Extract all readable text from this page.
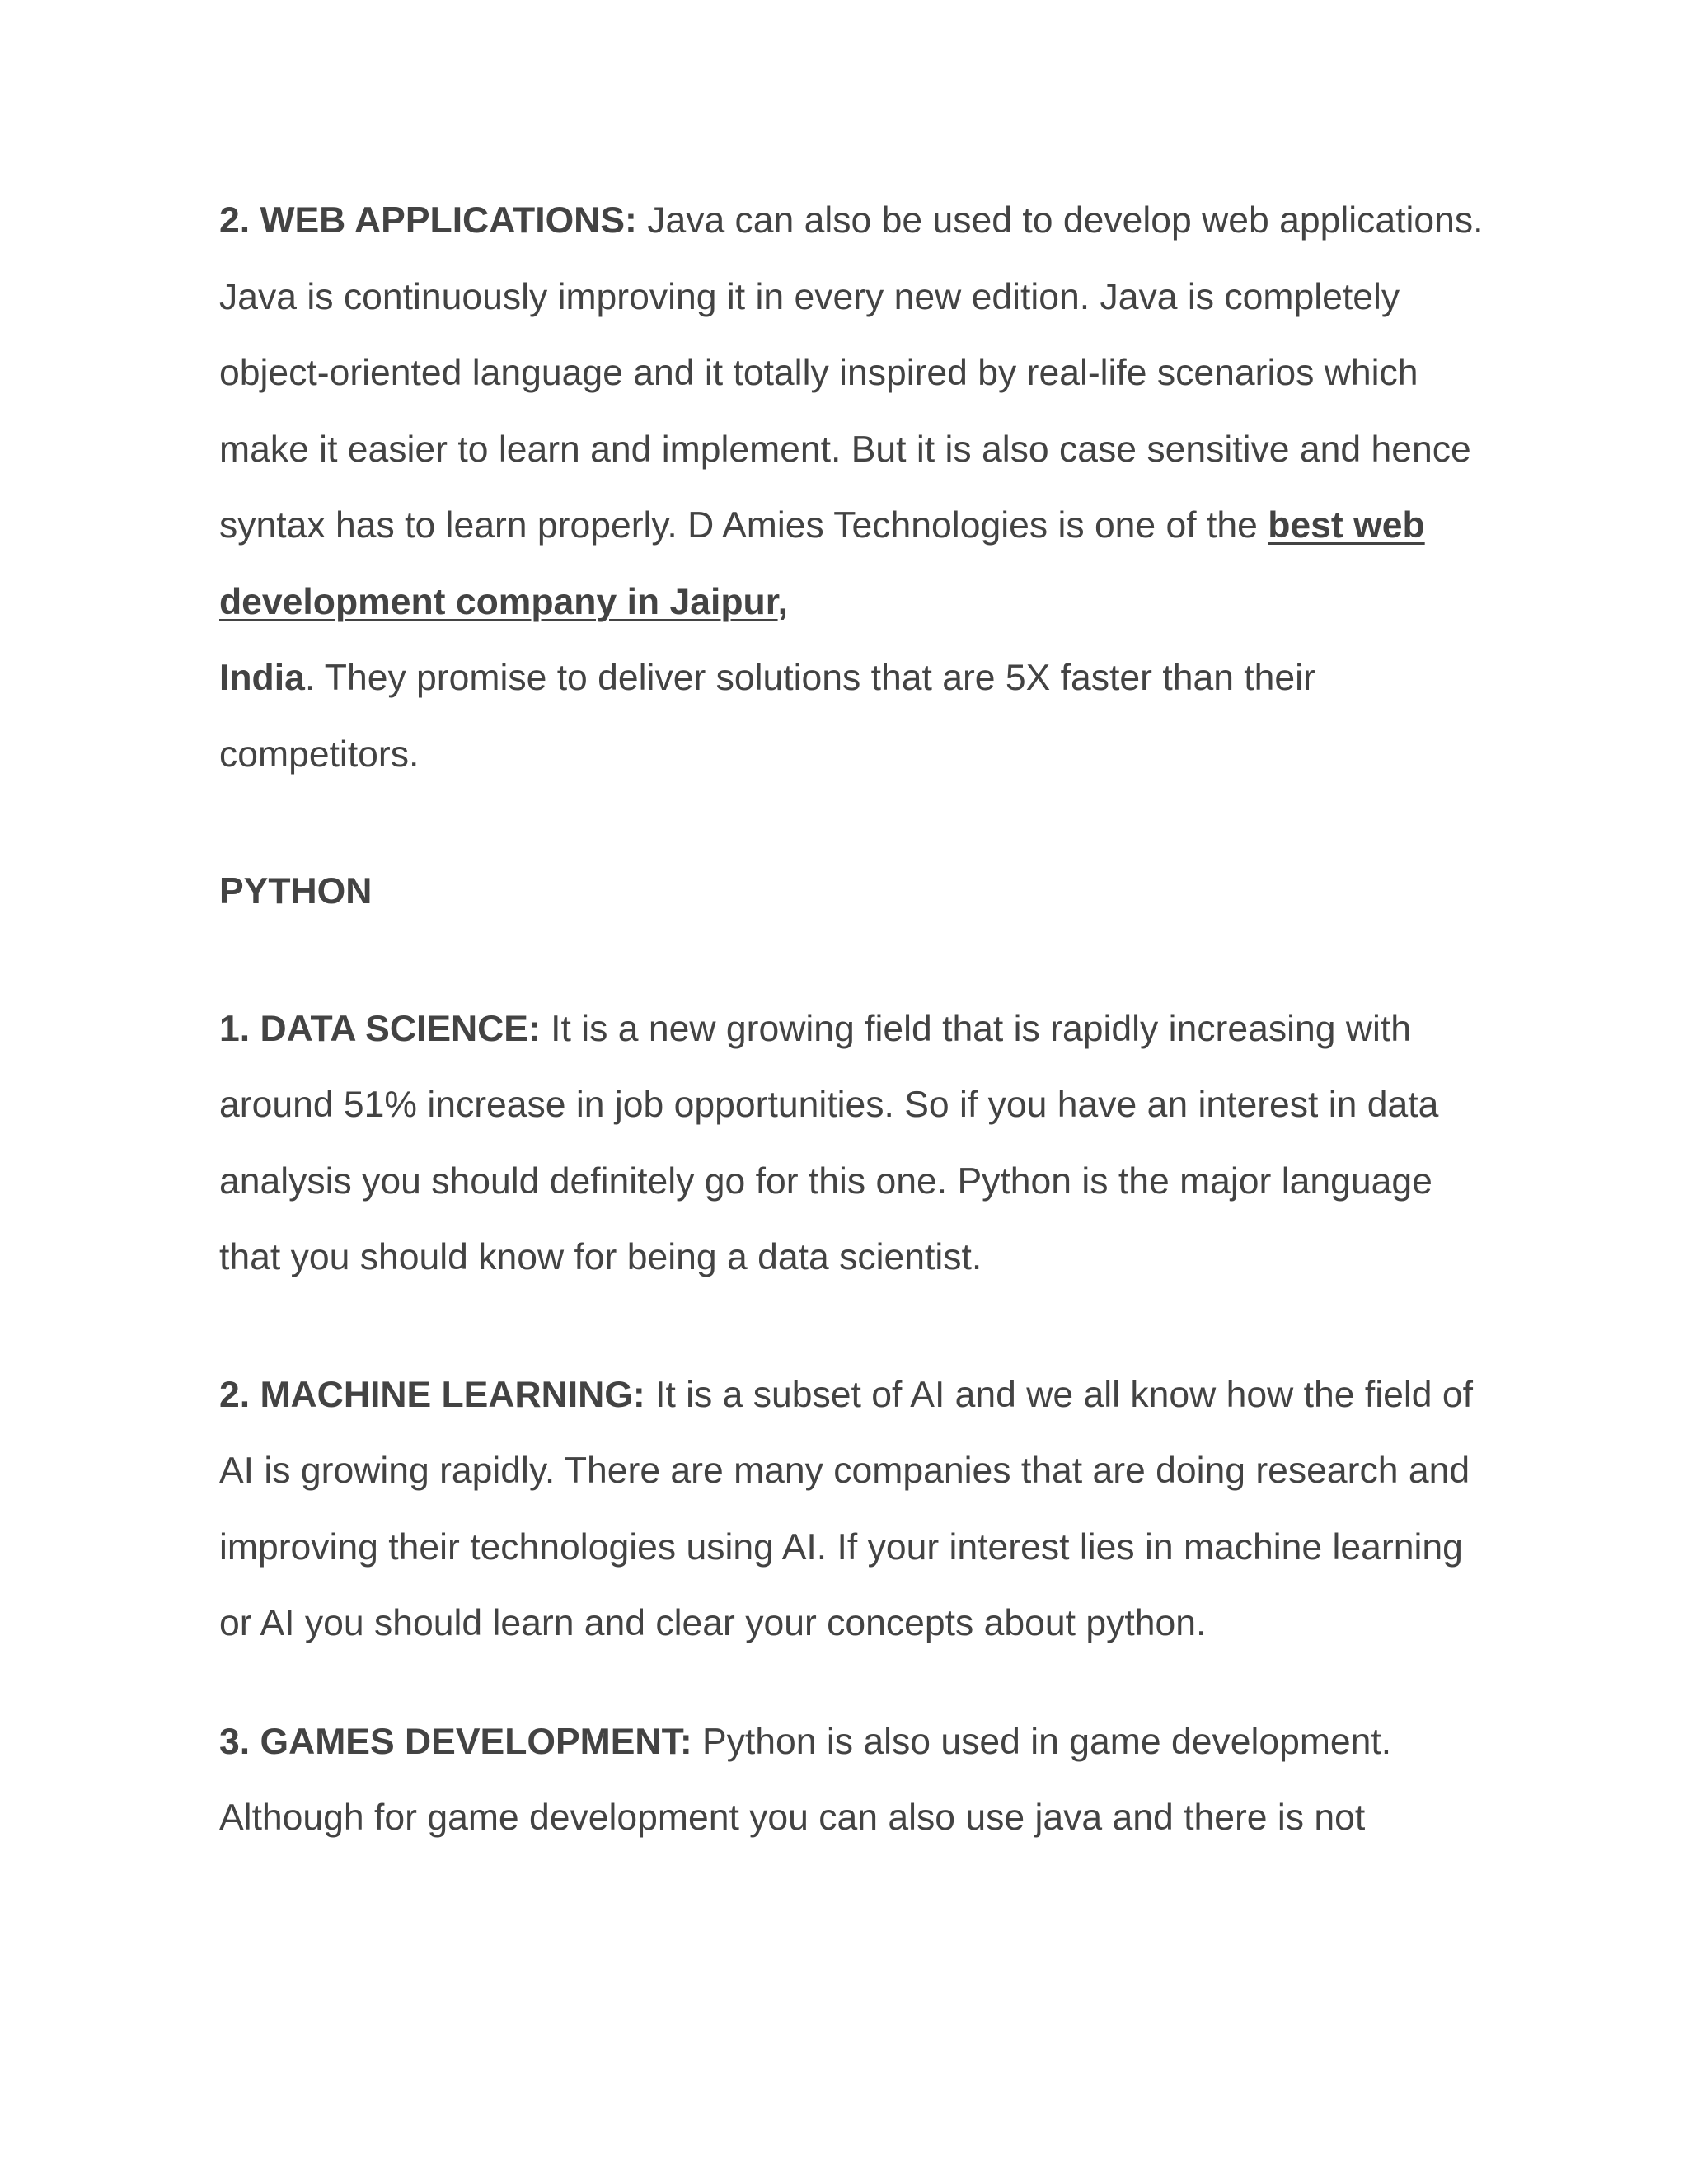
2. WEB APPLICATIONS: Java can also be used to develop web applications. Java is continuously improving it in every new edition. Java is completely object-oriented language and it totally inspired by real-life scenarios which make it easier to learn and implement. But it is also case sensitive and hence syntax has to learn properly. D Amies Technologies is one of the best web development company in Jaipur,
India. They promise to deliver solutions that are 5X faster than their competitors.

PYTHON

1. DATA SCIENCE: It is a new growing field that is rapidly increasing with around 51% increase in job opportunities. So if you have an interest in data analysis you should definitely go for this one. Python is the major language that you should know for being a data scientist.

2. MACHINE LEARNING: It is a subset of AI and we all know how the field of AI is growing rapidly. There are many companies that are doing research and improving their technologies using AI. If your interest lies in machine learning or AI you should learn and clear your concepts about python.

3. GAMES DEVELOPMENT: Python is also used in game development. Although for game development you can also use java and there is not
